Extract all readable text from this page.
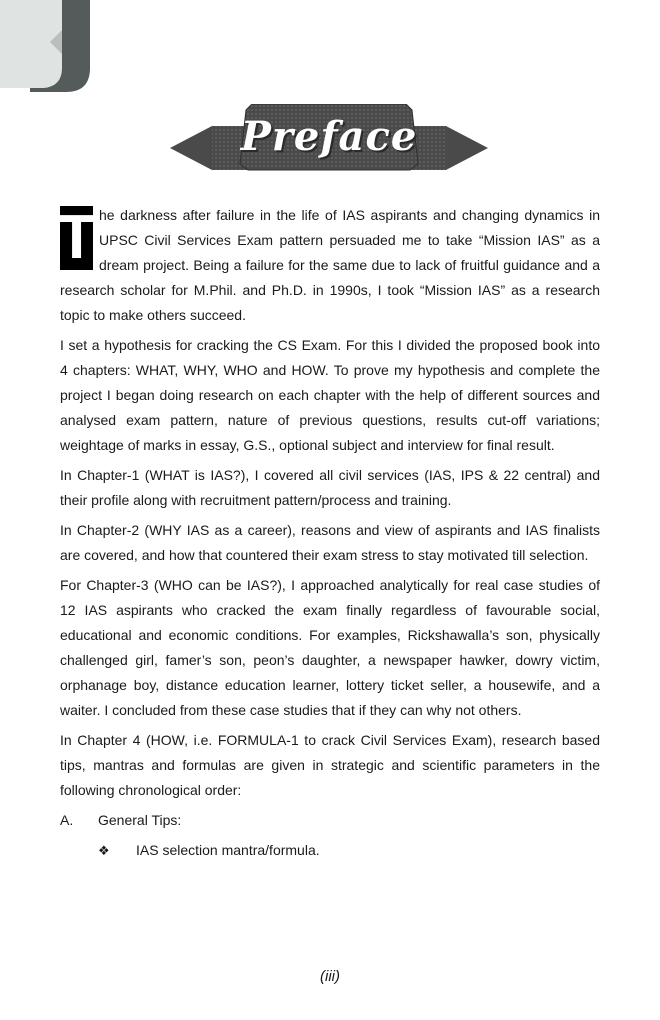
Preface

T he darkness after failure in the life of IAS aspirants and changing dynamics in UPSC Civil Services Exam pattern persuaded me to take “Mission IAS” as a dream project. Being a failure for the same due to lack of fruitful guidance and a research scholar for M.Phil. and Ph.D. in 1990s, I took “Mission IAS” as a research topic to make others succeed.

I set a hypothesis for cracking the CS Exam. For this I divided the proposed book into 4 chapters: WHAT, WHY, WHO and HOW. To prove my hypothesis and complete the project I began doing research on each chapter with the help of different sources and analysed exam pattern, nature of previous questions, results cut-off variations; weightage of marks in essay, G.S., optional subject and interview for final result.

In Chapter-1 (WHAT is IAS?), I covered all civil services (IAS, IPS & 22 central) and their profile along with recruitment pattern/process and training.

In Chapter-2 (WHY IAS as a career), reasons and view of aspirants and IAS finalists are covered, and how that countered their exam stress to stay motivated till selection.

For Chapter-3 (WHO can be IAS?), I approached analytically for real case studies of 12 IAS aspirants who cracked the exam finally regardless of favourable social, educational and economic conditions. For examples, Rickshawalla’s son, physically challenged girl, famer’s son, peon’s daughter, a newspaper hawker, dowry victim, orphanage boy, distance education learner, lottery ticket seller, a housewife, and a waiter. I concluded from these case studies that if they can why not others.

In Chapter 4 (HOW, i.e. FORMULA-1 to crack Civil Services Exam), research based tips, mantras and formulas are given in strategic and scientific parameters in the following chronological order:

A.	General Tips:
❖	IAS selection mantra/formula.
(iii)
